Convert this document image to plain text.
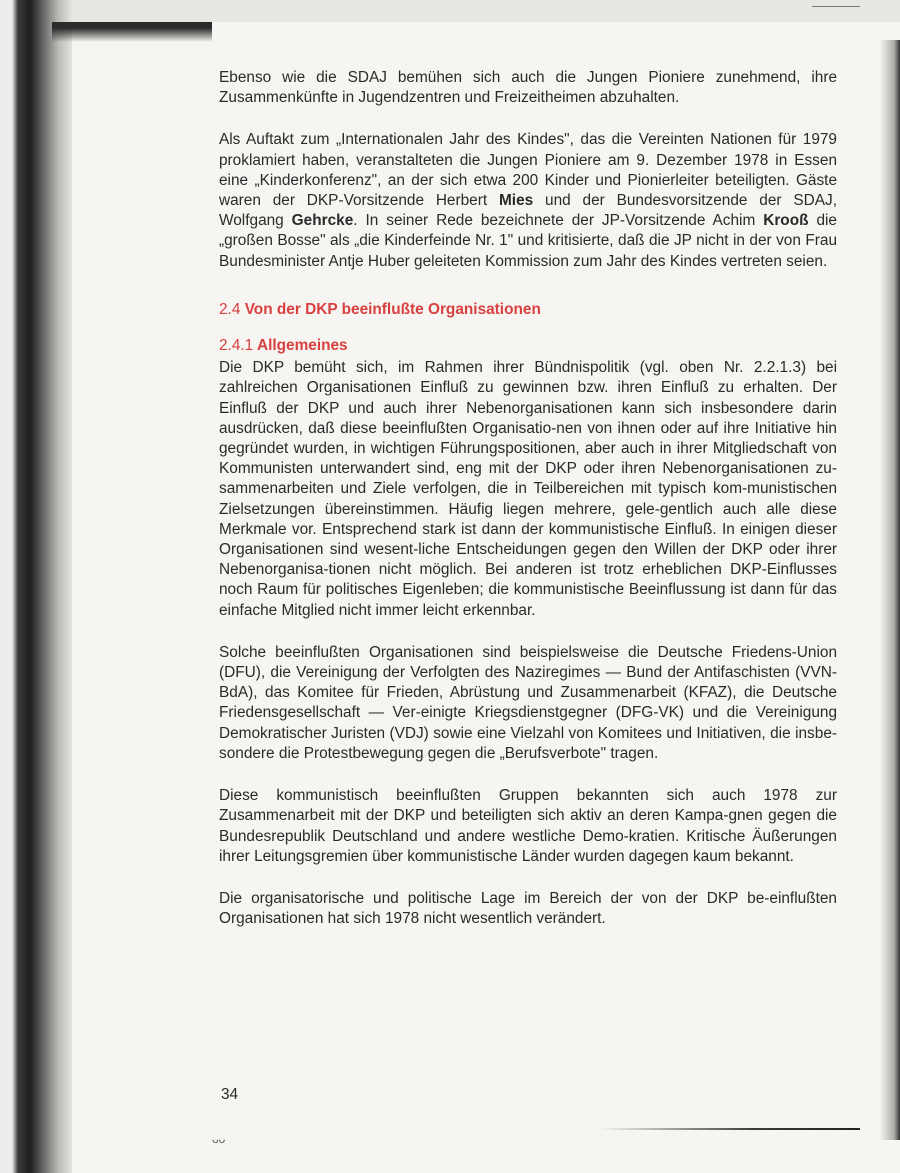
Ebenso wie die SDAJ bemühen sich auch die Jungen Pioniere zunehmend, ihre Zusammenkünfte in Jugendzentren und Freizeitheimen abzuhalten.

Als Auftakt zum „Internationalen Jahr des Kindes", das die Vereinten Nationen für 1979 proklamiert haben, veranstalteten die Jungen Pioniere am 9. Dezember 1978 in Essen eine „Kinderkonferenz", an der sich etwa 200 Kinder und Pionierleiter beteiligten. Gäste waren der DKP-Vorsitzende Herbert Mies und der Bundesvorsitzende der SDAJ, Wolfgang Gehrcke. In seiner Rede bezeichnete der JP-Vorsitzende Achim Krooß die „großen Bosse" als „die Kinderfeinde Nr. 1" und kritisierte, daß die JP nicht in der von Frau Bundesminister Antje Huber geleiteten Kommission zum Jahr des Kindes vertreten seien.

2.4 Von der DKP beeinflußte Organisationen

2.4.1 Allgemeines

Die DKP bemüht sich, im Rahmen ihrer Bündnispolitik (vgl. oben Nr. 2.2.1.3) bei zahlreichen Organisationen Einfluß zu gewinnen bzw. ihren Einfluß zu erhalten. Der Einfluß der DKP und auch ihrer Nebenorganisationen kann sich insbesondere darin ausdrücken, daß diese beeinflußten Organisatio-nen von ihnen oder auf ihre Initiative hin gegründet wurden, in wichtigen Führungspositionen, aber auch in ihrer Mitgliedschaft von Kommunisten unterwandert sind, eng mit der DKP oder ihren Nebenorganisationen zu-sammenarbeiten und Ziele verfolgen, die in Teilbereichen mit typisch kom-munistischen Zielsetzungen übereinstimmen. Häufig liegen mehrere, gele-gentlich auch alle diese Merkmale vor. Entsprechend stark ist dann der kommunistische Einfluß. In einigen dieser Organisationen sind wesent-liche Entscheidungen gegen den Willen der DKP oder ihrer Nebenorganisa-tionen nicht möglich. Bei anderen ist trotz erheblichen DKP-Einflusses noch Raum für politisches Eigenleben; die kommunistische Beeinflussung ist dann für das einfache Mitglied nicht immer leicht erkennbar.

Solche beeinflußten Organisationen sind beispielsweise die Deutsche Friedens-Union (DFU), die Vereinigung der Verfolgten des Naziregimes — Bund der Antifaschisten (VVN-BdA), das Komitee für Frieden, Abrüstung und Zusammenarbeit (KFAZ), die Deutsche Friedensgesellschaft — Ver-einigte Kriegsdienstgegner (DFG-VK) und die Vereinigung Demokratischer Juristen (VDJ) sowie eine Vielzahl von Komitees und Initiativen, die insbe-sondere die Protestbewegung gegen die „Berufsverbote" tragen.

Diese kommunistisch beeinflußten Gruppen bekannten sich auch 1978 zur Zusammenarbeit mit der DKP und beteiligten sich aktiv an deren Kampa-gnen gegen die Bundesrepublik Deutschland und andere westliche Demo-kratien. Kritische Äußerungen ihrer Leitungsgremien über kommunistische Länder wurden dagegen kaum bekannt.

Die organisatorische und politische Lage im Bereich der von der DKP be-einflußten Organisationen hat sich 1978 nicht wesentlich verändert.

34
ᴗᴗ
